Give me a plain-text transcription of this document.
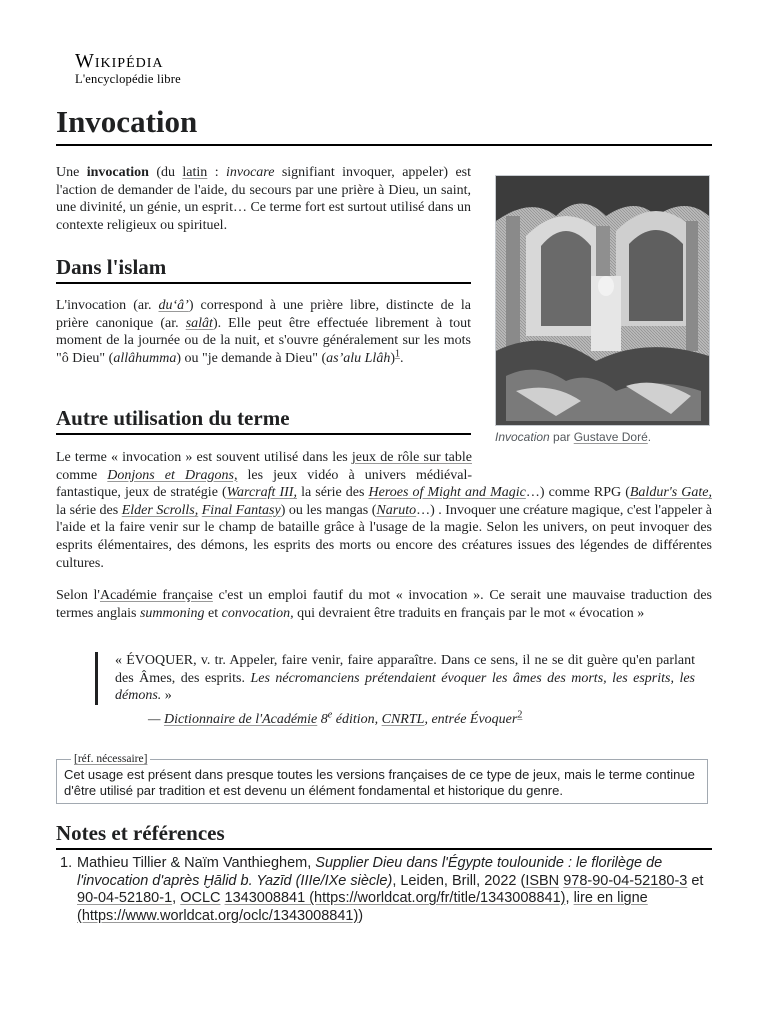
Wikipédia
L'encyclopédie libre
Invocation
Une invocation (du latin : invocare signifiant invoquer, appeler) est l'action de demander de l'aide, du secours par une prière à Dieu, un saint, une divinité, un génie, un esprit… Ce terme fort est surtout utilisé dans un contexte religieux ou spirituel.
Invocation par Gustave Doré.
Dans l'islam
L'invocation (ar. du‘â’) correspond à une prière libre, distincte de la prière canonique (ar. salât). Elle peut être effectuée librement à tout moment de la journée ou de la nuit, et s'ouvre généralement sur les mots "ô Dieu" (allâhumma) ou "je demande à Dieu" (as’alu Llâh)$^1$.
Autre utilisation du terme
Le terme « invocation » est souvent utilisé dans les jeux de rôle sur table comme Donjons et Dragons, les jeux vidéo à univers médiéval-fantastique, jeux de stratégie (Warcraft III, la série des Heroes of Might and Magic…) comme RPG (Baldur's Gate, la série des Elder Scrolls, Final Fantasy) ou les mangas (Naruto…) . Invoquer une créature magique, c'est l'appeler à l'aide et la faire venir sur le champ de bataille grâce à l'usage de la magie. Selon les univers, on peut invoquer des esprits élémentaires, des démons, les esprits des morts ou encore des créatures issues des légendes de différentes cultures.
Selon l'Académie française c'est un emploi fautif du mot « invocation ». Ce serait une mauvaise traduction des termes anglais summoning et convocation, qui devraient être traduits en français par le mot « évocation »
« ÉVOQUER, v. tr. Appeler, faire venir, faire apparaître. Dans ce sens, il ne se dit guère qu'en parlant des Âmes, des esprits. Les nécromanciens prétendaient évoquer les âmes des morts, les esprits, les démons. »
— Dictionnaire de l'Académie 8e édition, CNRTL, entrée Évoquer$^2$
[réf. nécessaire]
Cet usage est présent dans presque toutes les versions françaises de ce type de jeux, mais le terme continue d'être utilisé par tradition et est devenu un élément fondamental et historique du genre.
Notes et références
1. Mathieu Tillier & Naïm Vanthieghem, Supplier Dieu dans l'Égypte toulounide : le florilège de l'invocation d'après Ḫālid b. Yazīd (IIIe/IXe siècle), Leiden, Brill, 2022 (ISBN 978-90-04-52180-3 et 90-04-52180-1, OCLC 1343008841 (https://worldcat.org/fr/title/1343008841), lire en ligne (https://www.worldcat.org/oclc/1343008841))
